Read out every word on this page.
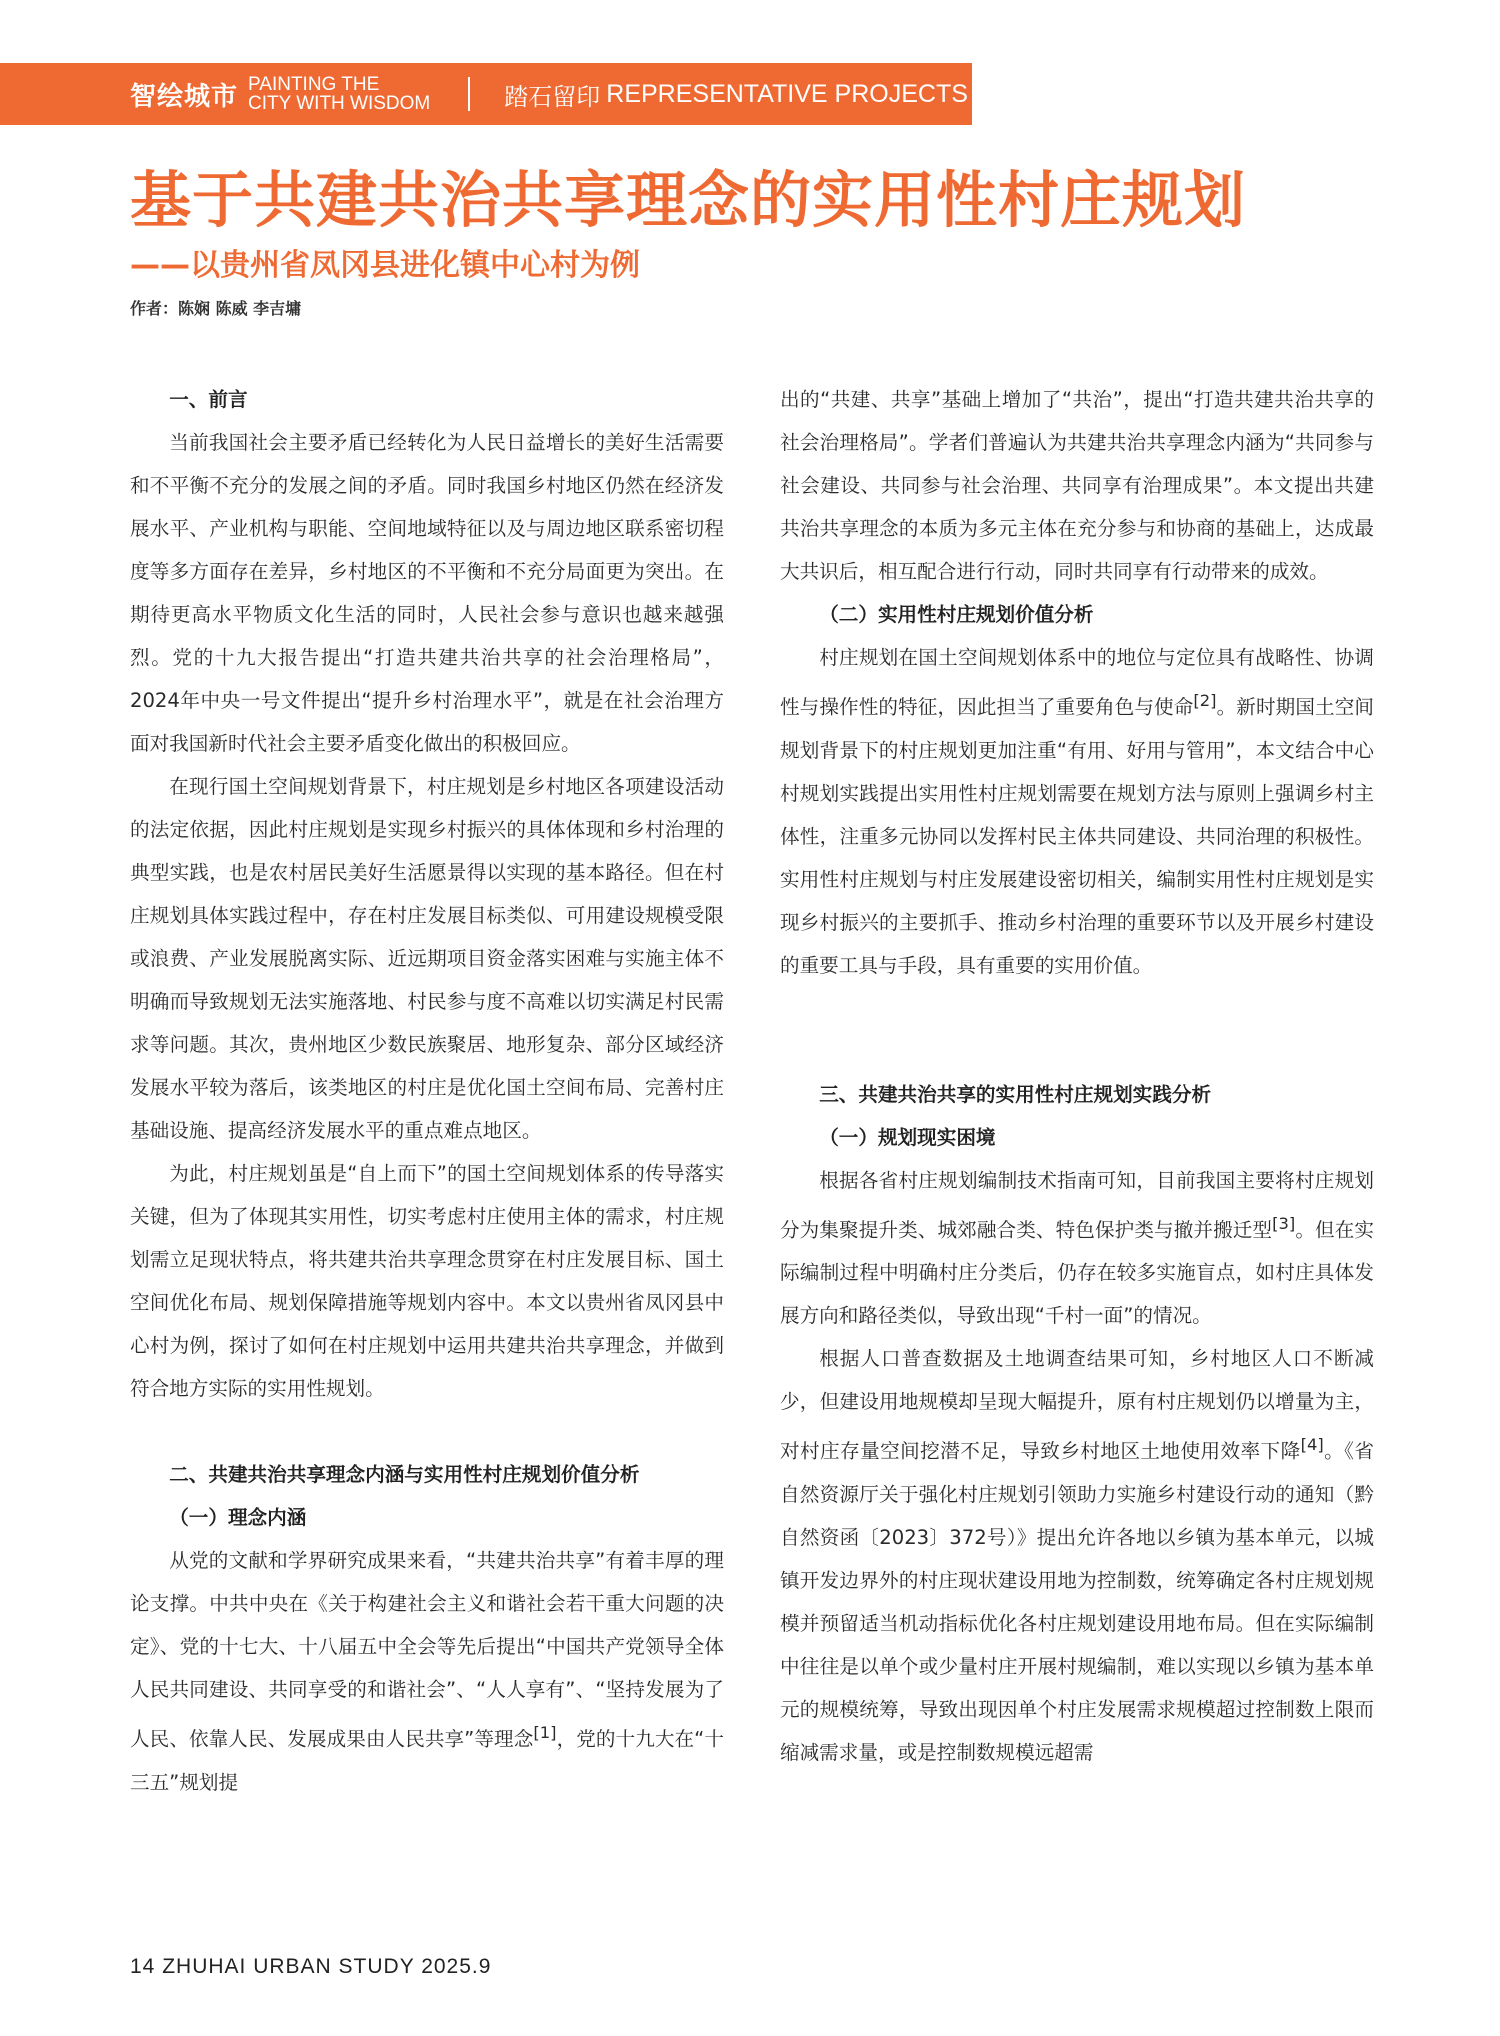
智绘城市 PAINTING THE
CITY WITH WISDOM	踏石留印 REPRESENTATIVE PROJECTS
基于共建共治共享理念的实用性村庄规划
——以贵州省凤冈县进化镇中心村为例
作者：陈娴 陈威 李吉墉
一、前言

当前我国社会主要矛盾已经转化为人民日益增长的美好生活需要和不平衡不充分的发展之间的矛盾。同时我国乡村地区仍然在经济发展水平、产业机构与职能、空间地域特征以及与周边地区联系密切程度等多方面存在差异，乡村地区的不平衡和不充分局面更为突出。在期待更高水平物质文化生活的同时，人民社会参与意识也越来越强烈。党的十九大报告提出“打造共建共治共享的社会治理格局”，2024年中央一号文件提出“提升乡村治理水平”，就是在社会治理方面对我国新时代社会主要矛盾变化做出的积极回应。

在现行国土空间规划背景下，村庄规划是乡村地区各项建设活动的法定依据，因此村庄规划是实现乡村振兴的具体体现和乡村治理的典型实践，也是农村居民美好生活愿景得以实现的基本路径。但在村庄规划具体实践过程中，存在村庄发展目标类似、可用建设规模受限或浪费、产业发展脱离实际、近远期项目资金落实困难与实施主体不明确而导致规划无法实施落地、村民参与度不高难以切实满足村民需求等问题。其次，贵州地区少数民族聚居、地形复杂、部分区域经济发展水平较为落后，该类地区的村庄是优化国土空间布局、完善村庄基础设施、提高经济发展水平的重点难点地区。

为此，村庄规划虽是“自上而下”的国土空间规划体系的传导落实关键，但为了体现其实用性，切实考虑村庄使用主体的需求，村庄规划需立足现状特点，将共建共治共享理念贯穿在村庄发展目标、国土空间优化布局、规划保障措施等规划内容中。本文以贵州省凤冈县中心村为例，探讨了如何在村庄规划中运用共建共治共享理念，并做到符合地方实际的实用性规划。

二、共建共治共享理念内涵与实用性村庄规划价值分析
（一）理念内涵

从党的文献和学界研究成果来看，“共建共治共享”有着丰厚的理论支撑。中共中央在《关于构建社会主义和谐社会若干重大问题的决定》、党的十七大、十八届五中全会等先后提出“中国共产党领导全体人民共同建设、共同享受的和谐社会”、“人人享有”、“坚持发展为了人民、依靠人民、发展成果由人民共享”等理念[1]，党的十九大在“十三五”规划提

出的“共建、共享”基础上增加了“共治”，提出“打造共建共治共享的社会治理格局”。学者们普遍认为共建共治共享理念内涵为“共同参与社会建设、共同参与社会治理、共同享有治理成果”。本文提出共建共治共享理念的本质为多元主体在充分参与和协商的基础上，达成最大共识后，相互配合进行行动，同时共同享有行动带来的成效。

（二）实用性村庄规划价值分析

村庄规划在国土空间规划体系中的地位与定位具有战略性、协调性与操作性的特征，因此担当了重要角色与使命[2]。新时期国土空间规划背景下的村庄规划更加注重“有用、好用与管用”，本文结合中心村规划实践提出实用性村庄规划需要在规划方法与原则上强调乡村主体性，注重多元协同以发挥村民主体共同建设、共同治理的积极性。实用性村庄规划与村庄发展建设密切相关，编制实用性村庄规划是实现乡村振兴的主要抓手、推动乡村治理的重要环节以及开展乡村建设的重要工具与手段，具有重要的实用价值。

三、共建共治共享的实用性村庄规划实践分析
（一）规划现实困境

根据各省村庄规划编制技术指南可知，目前我国主要将村庄规划分为集聚提升类、城郊融合类、特色保护类与撤并搬迁型[3]。但在实际编制过程中明确村庄分类后，仍存在较多实施盲点，如村庄具体发展方向和路径类似，导致出现“千村一面”的情况。

根据人口普查数据及土地调查结果可知，乡村地区人口不断减少，但建设用地规模却呈现大幅提升，原有村庄规划仍以增量为主，对村庄存量空间挖潜不足，导致乡村地区土地使用效率下降[4]。《省自然资源厅关于强化村庄规划引领助力实施乡村建设行动的通知（黔自然资函〔2023〕372号）》提出允许各地以乡镇为基本单元，以城镇开发边界外的村庄现状建设用地为控制数，统筹确定各村庄规划规模并预留适当机动指标优化各村庄规划建设用地布局。但在实际编制中往往是以单个或少量村庄开展村规编制，难以实现以乡镇为基本单元的规模统筹，导致出现因单个村庄发展需求规模超过控制数上限而缩减需求量，或是控制数规模远超需

14 ZHUHAI URBAN STUDY 2025.9
